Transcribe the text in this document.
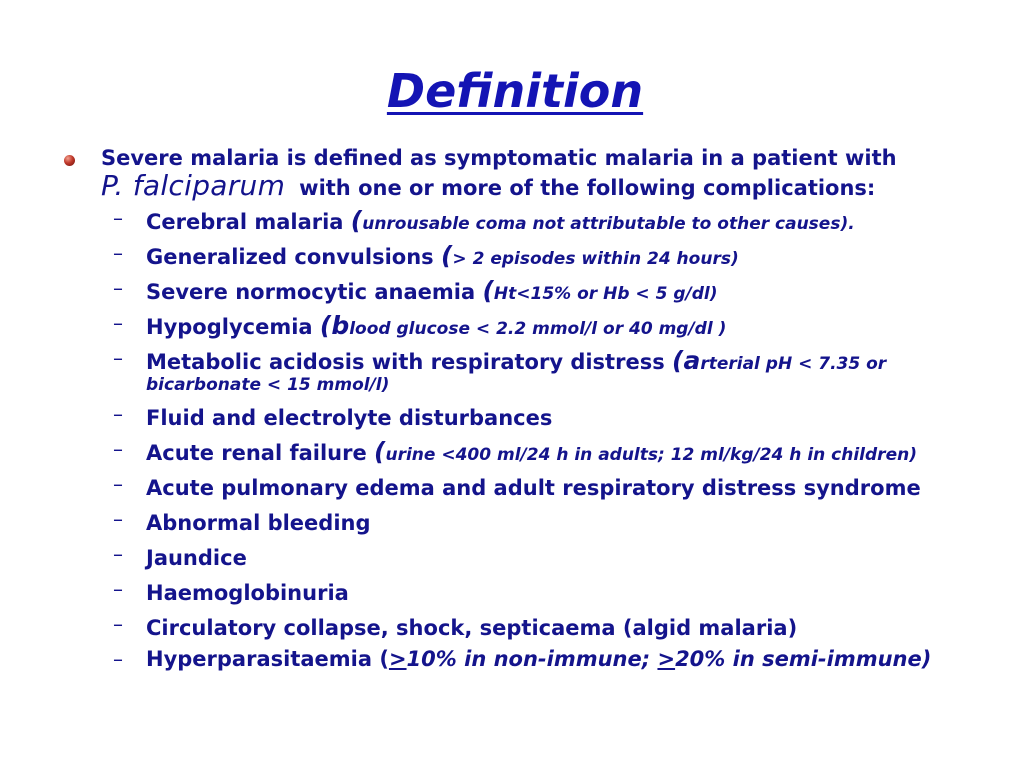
Definition
Severe malaria is defined as symptomatic malaria in a patient with
P. falciparum with one or more of the following complications:
– Cerebral malaria (unrousable coma not attributable to other causes).
– Generalized convulsions (> 2 episodes within 24 hours)
– Severe normocytic anaemia (Ht<15% or Hb < 5 g/dl)
– Hypoglycemia (blood glucose < 2.2 mmol/l or 40 mg/dl )
– Metabolic acidosis with respiratory distress (arterial pH < 7.35 or bicarbonate < 15 mmol/l)
– Fluid and electrolyte disturbances
– Acute renal failure (urine <400 ml/24 h in adults; 12 ml/kg/24 h in children)
– Acute pulmonary edema and adult respiratory distress syndrome
– Abnormal bleeding
– Jaundice
– Haemoglobinuria
– Circulatory collapse, shock, septicaema (algid malaria)
– Hyperparasitaemia (>10% in non-immune; >20% in semi-immune)
